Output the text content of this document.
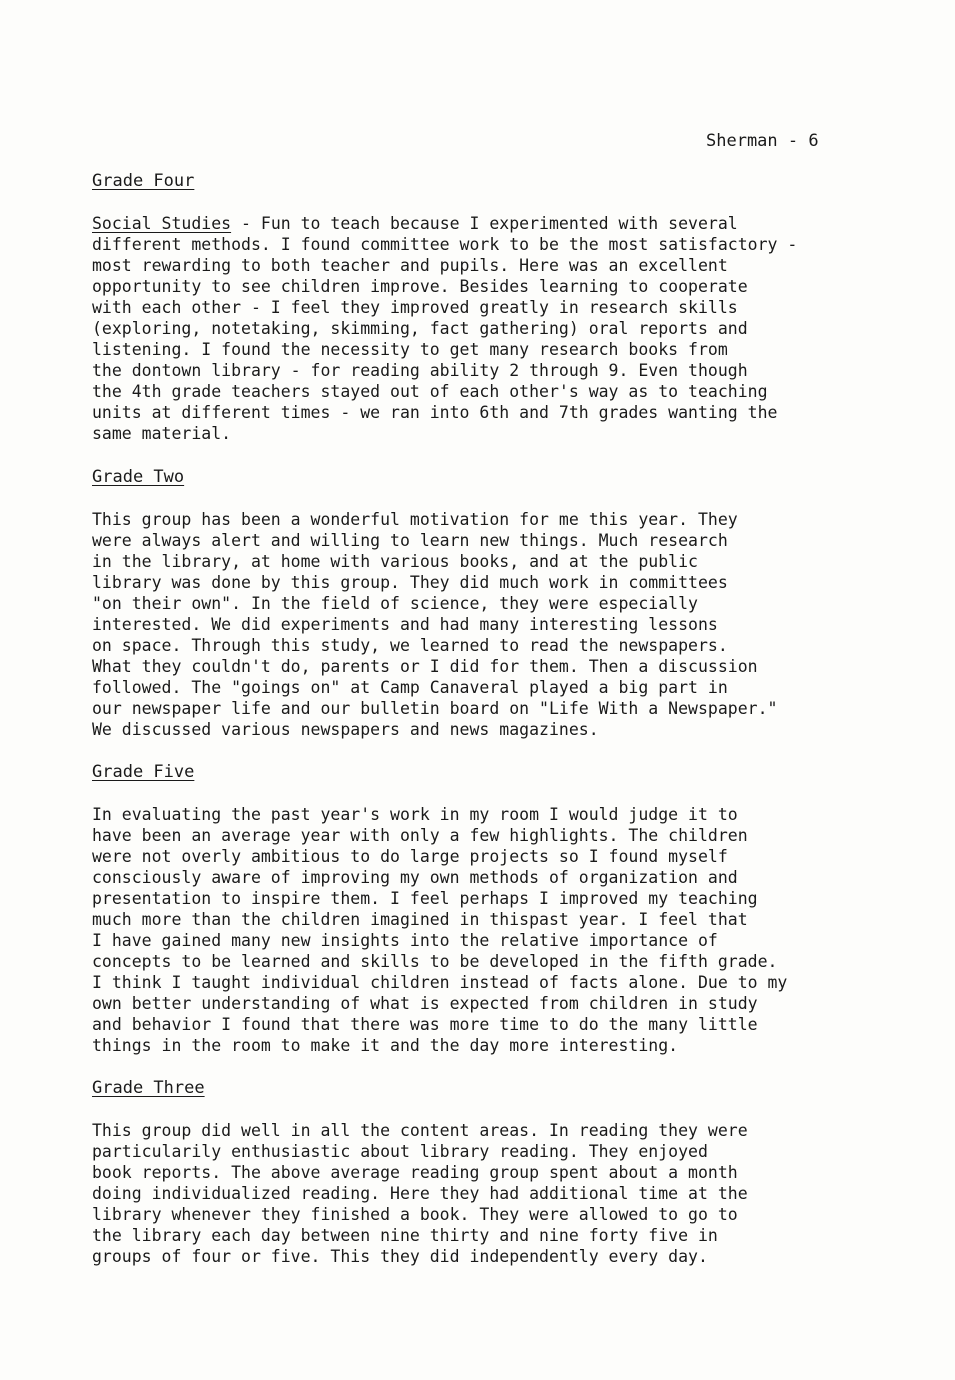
Sherman - 6
Grade Four
Social Studies - Fun to teach because I experimented with several
different methods. I found committee work to be the most satisfactory -
most rewarding to both teacher and pupils. Here was an excellent
opportunity to see children improve. Besides learning to cooperate
with each other - I feel they improved greatly in research skills
(exploring, notetaking, skimming, fact gathering) oral reports and
listening. I found the necessity to get many research books from
the dontown library - for reading ability 2 through 9. Even though
the 4th grade teachers stayed out of each other's way as to teaching
units at different times - we ran into 6th and 7th grades wanting the
same material.
Grade Two
This group has been a wonderful motivation for me this year. They
were always alert and willing to learn new things. Much research
in the library, at home with various books, and at the public
library was done by this group. They did much work in committees
"on their own". In the field of science, they were especially
interested. We did experiments and had many interesting lessons
on space. Through this study, we learned to read the newspapers.
What they couldn't do, parents or I did for them. Then a discussion
followed. The "goings on" at Camp Canaveral played a big part in
our newspaper life and our bulletin board on "Life With a Newspaper."
We discussed various newspapers and news magazines.
Grade Five
In evaluating the past year's work in my room I would judge it to
have been an average year with only a few highlights. The children
were not overly ambitious to do large projects so I found myself
consciously aware of improving my own methods of organization and
presentation to inspire them. I feel perhaps I improved my teaching
much more than the children imagined in thispast year. I feel that
I have gained many new insights into the relative importance of
concepts to be learned and skills to be developed in the fifth grade.
I think I taught individual children instead of facts alone. Due to my
own better understanding of what is expected from children in study
and behavior I found that there was more time to do the many little
things in the room to make it and the day more interesting.
Grade Three
This group did well in all the content areas. In reading they were
particularily enthusiastic about library reading. They enjoyed
book reports. The above average reading group spent about a month
doing individualized reading. Here they had additional time at the
library whenever they finished a book. They were allowed to go to
the library each day between nine thirty and nine forty five in
groups of four or five. This they did independently every day.
